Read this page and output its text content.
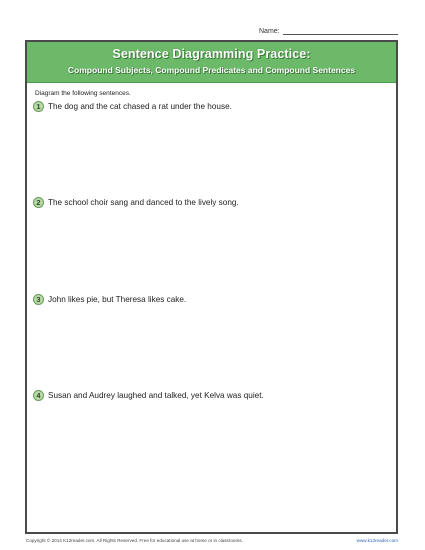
Name:
Sentence Diagramming Practice:
Compound Subjects, Compound Predicates and Compound Sentences
Diagram the following sentences.
1 The dog and the cat chased a rat under the house.
2 The school choir sang and danced to the lively song.
3 John likes pie, but Theresa likes cake.
4 Susan and Audrey laughed and talked, yet Kelva was quiet.
Copyright © 2014 K12reader.com. All Rights Reserved. Free for educational use at home or in classrooms.	www.k12reader.com
